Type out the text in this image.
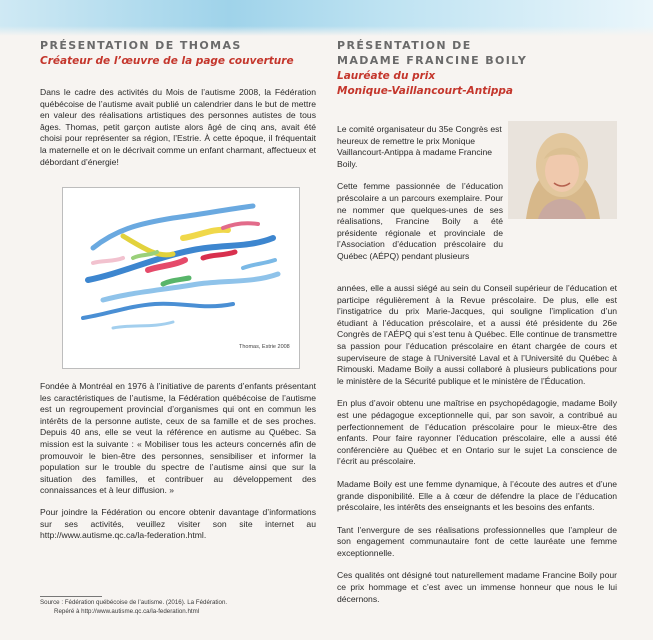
PRÉSENTATION DE THOMAS
Créateur de l’œuvre de la page couverture

Dans le cadre des activités du Mois de l’autisme 2008, la Fédération québécoise de l’autisme avait publié un calendrier dans le but de mettre en valeur des réalisations artistiques des personnes autistes de tous âges. Thomas, petit garçon autiste alors âgé de cinq ans, avait été choisi pour représenter sa région, l’Estrie. À cette époque, il fréquentait la maternelle et on le décrivait comme un enfant charmant, affectueux et débordant d’énergie!

Thomas, Estrie 2008

Fondée à Montréal en 1976 à l’initiative de parents d’enfants présentant les caractéristiques de l’autisme, la Fédération québécoise de l’autisme est un regroupement provincial d’organismes qui ont en commun les intérêts de la personne autiste, ceux de sa famille et de ses proches. Depuis 40 ans, elle se veut la référence en autisme au Québec. Sa mission est la suivante : « Mobiliser tous les acteurs concernés afin de promouvoir le bien-être des personnes, sensibiliser et informer la population sur le trouble du spectre de l’autisme ainsi que sur la situation des familles, et contribuer au développement des connaissances et à leur diffusion. »

Pour joindre la Fédération ou encore obtenir davantage d’informations sur ses activités, veuillez visiter son site internet au http://www.autisme.qc.ca/la-federation.html.

Source : Fédération québécoise de l’autisme. (2016). La Fédération.

Repéré à http://www.autisme.qc.ca/la-federation.html

PRÉSENTATION DE
MADAME FRANCINE BOILY
Lauréate du prix
Monique-Vaillancourt-Antippa

Le comité organisateur du 35e Congrès est heureux de remettre le prix Monique Vaillancourt-Antippa à madame Francine Boily.

Cette femme passionnée de l’éducation préscolaire a un parcours exemplaire. Pour ne nommer que quelques-unes de ses réalisations, Francine Boily a été présidente régionale et provinciale de l’Association d’éducation préscolaire du Québec (AÉPQ) pendant plusieurs

années, elle a aussi siégé au sein du Conseil supérieur de l’éducation et participe régulièrement à la Revue préscolaire. De plus, elle est l’instigatrice du prix Marie-Jacques, qui souligne l’implication d’un étudiant à l’éducation préscolaire, et a aussi été présidente du 26e Congrès de l’AÉPQ qui s’est tenu à Québec. Elle continue de transmettre sa passion pour l’éducation préscolaire en étant chargée de cours et superviseure de stage à l’Université Laval et à l’Université du Québec à Rimouski. Madame Boily a aussi collaboré à plusieurs publications pour le ministère de la Sécurité publique et le ministère de l’Éducation.

En plus d’avoir obtenu une maîtrise en psychopédagogie, madame Boily est une pédagogue exceptionnelle qui, par son savoir, a contribué au perfectionnement de l’éducation préscolaire pour le mieux-être des enfants. Pour faire rayonner l’éducation préscolaire, elle a aussi été conférencière au Québec et en Ontario sur le sujet La conscience de l’écrit au préscolaire.

Madame Boily est une femme dynamique, à l’écoute des autres et d’une grande disponibilité. Elle a à cœur de défendre la place de l’éducation préscolaire, les intérêts des enseignants et les besoins des enfants.

Tant l’envergure de ses réalisations professionnelles que l’ampleur de son engagement communautaire font de cette lauréate une femme exceptionnelle.

Ces qualités ont désigné tout naturellement madame Francine Boily pour ce prix hommage et c’est avec un immense honneur que nous le lui décernons.
